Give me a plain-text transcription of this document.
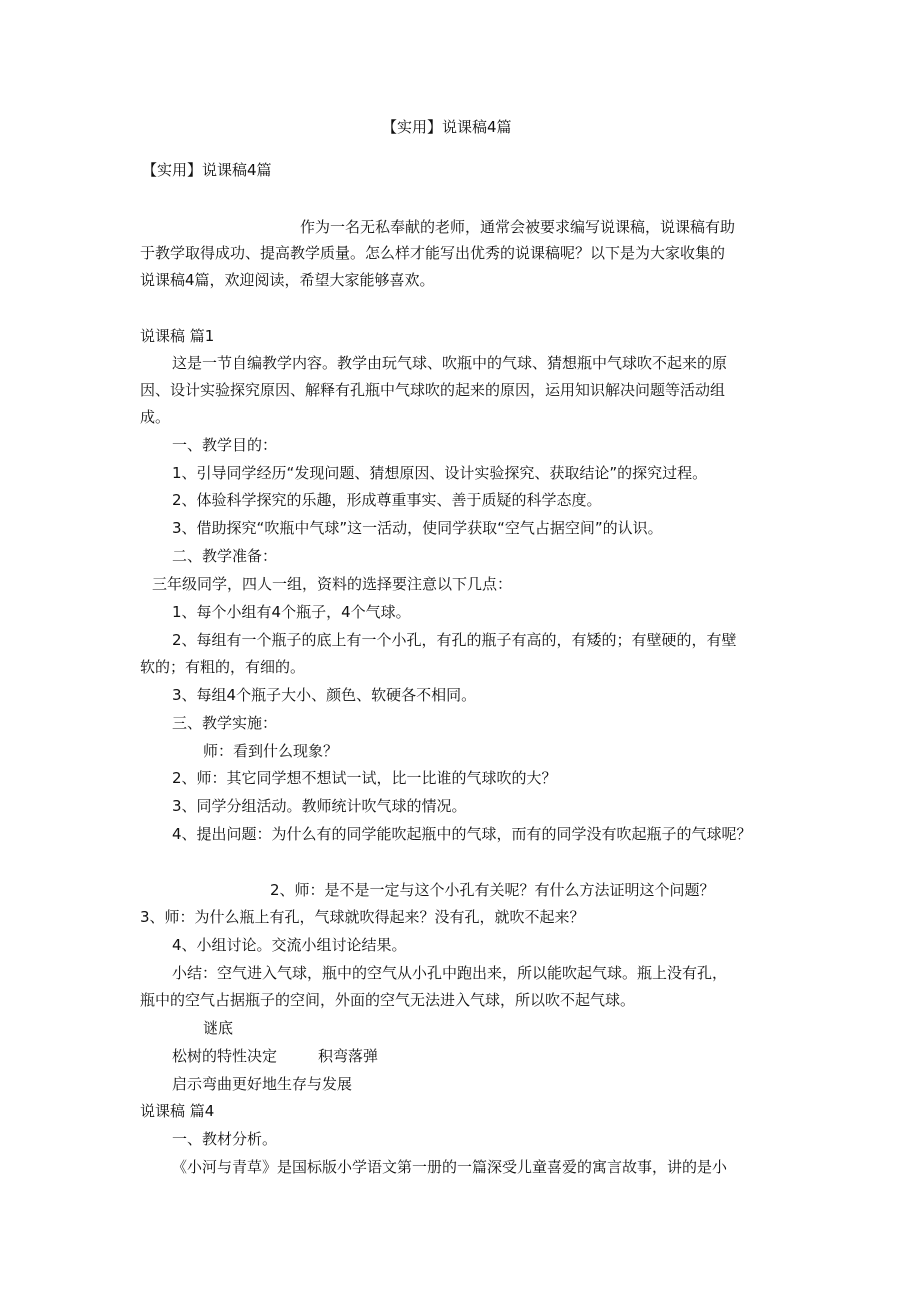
【实用】说课稿4篇

【实用】说课稿4篇

作为一名无私奉献的老师，通常会被要求编写说课稿，说课稿有助

于教学取得成功、提高教学质量。怎么样才能写出优秀的说课稿呢？以下是为大家收集的

说课稿4篇，欢迎阅读，希望大家能够喜欢。

说课稿 篇1

这是一节自编教学内容。教学由玩气球、吹瓶中的气球、猜想瓶中气球吹不起来的原

因、设计实验探究原因、解释有孔瓶中气球吹的起来的原因，运用知识解决问题等活动组

成。

一、教学目的：

1、引导同学经历“发现问题、猜想原因、设计实验探究、获取结论”的探究过程。

2、体验科学探究的乐趣，形成尊重事实、善于质疑的科学态度。

3、借助探究“吹瓶中气球”这一活动，使同学获取“空气占据空间”的认识。

二、教学准备：

三年级同学，四人一组，资料的选择要注意以下几点：

1、每个小组有4个瓶子，4个气球。

2、每组有一个瓶子的底上有一个小孔，有孔的瓶子有高的，有矮的；有壁硬的，有壁

软的；有粗的，有细的。

3、每组4个瓶子大小、颜色、软硬各不相同。

三、教学实施：

师：看到什么现象？

2、师：其它同学想不想试一试，比一比谁的气球吹的大？

3、同学分组活动。教师统计吹气球的情况。

4、提出问题：为什么有的同学能吹起瓶中的气球，而有的同学没有吹起瓶子的气球呢？

2、师：是不是一定与这个小孔有关呢？有什么方法证明这个问题？

3、师：为什么瓶上有孔，气球就吹得起来？没有孔，就吹不起来？

4、小组讨论。交流小组讨论结果。

小结：空气进入气球，瓶中的空气从小孔中跑出来，所以能吹起气球。瓶上没有孔，

瓶中的空气占据瓶子的空间，外面的空气无法进入气球，所以吹不起气球。

谜底

松树的特性决定	积弯落弹

启示弯曲更好地生存与发展

说课稿 篇4

一、教材分析。

《小河与青草》是国标版小学语文第一册的一篇深受儿童喜爱的寓言故事，讲的是小
